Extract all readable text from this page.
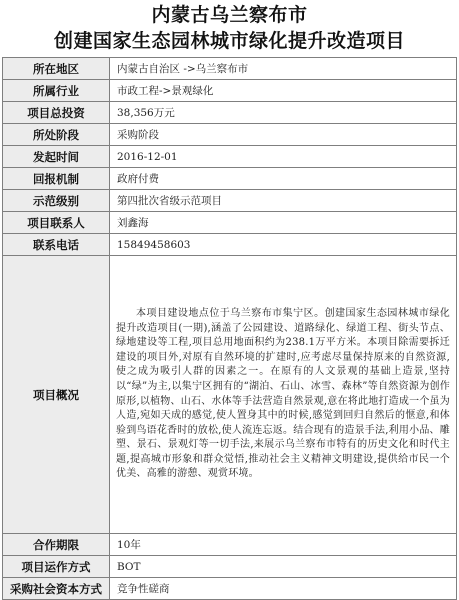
内蒙古乌兰察布市
创建国家生态园林城市绿化提升改造项目
所在地区	内蒙古自治区 ->乌兰察布市
所属行业	市政工程->景观绿化
项目总投资	38,356万元
所处阶段	采购阶段
发起时间	2016-12-01
回报机制	政府付费
示范级别	第四批次省级示范项目
项目联系人	刘鑫海
联系电话	15849458603
项目概况	本项目建设地点位于乌兰察布市集宁区。创建国家生态园林城市绿化提升改造项目(一期),涵盖了公园建设、道路绿化、绿道工程、街头节点、绿地建设等工程,项目总用地面积约为238.1万平方米。本项目除需要拆迁建设的项目外,对原有自然环境的扩建时,应考虑尽量保持原来的自然资源,使之成为吸引人群的因素之一。在原有的人文景观的基础上造景,坚持以“绿”为主,以集宁区拥有的“湖泊、石山、冰雪、森林”等自然资源为创作原形,以植物、山石、水体等手法营造自然景观,意在将此地打造成一个虽为人造,宛如天成的感觉,使人置身其中的时候,感觉到回归自然后的惬意,和体验到鸟语花香时的放松,使人流连忘返。结合现有的造景手法,利用小品、雕塑、景石、景观灯等一切手法,来展示乌兰察布市特有的历史文化和时代主题,提高城市形象和群众觉悟,推动社会主义精神文明建设,提供给市民一个优美、高雅的游憩、观赏环境。
合作期限	10年
项目运作方式	BOT
采购社会资本方式	竞争性磋商
